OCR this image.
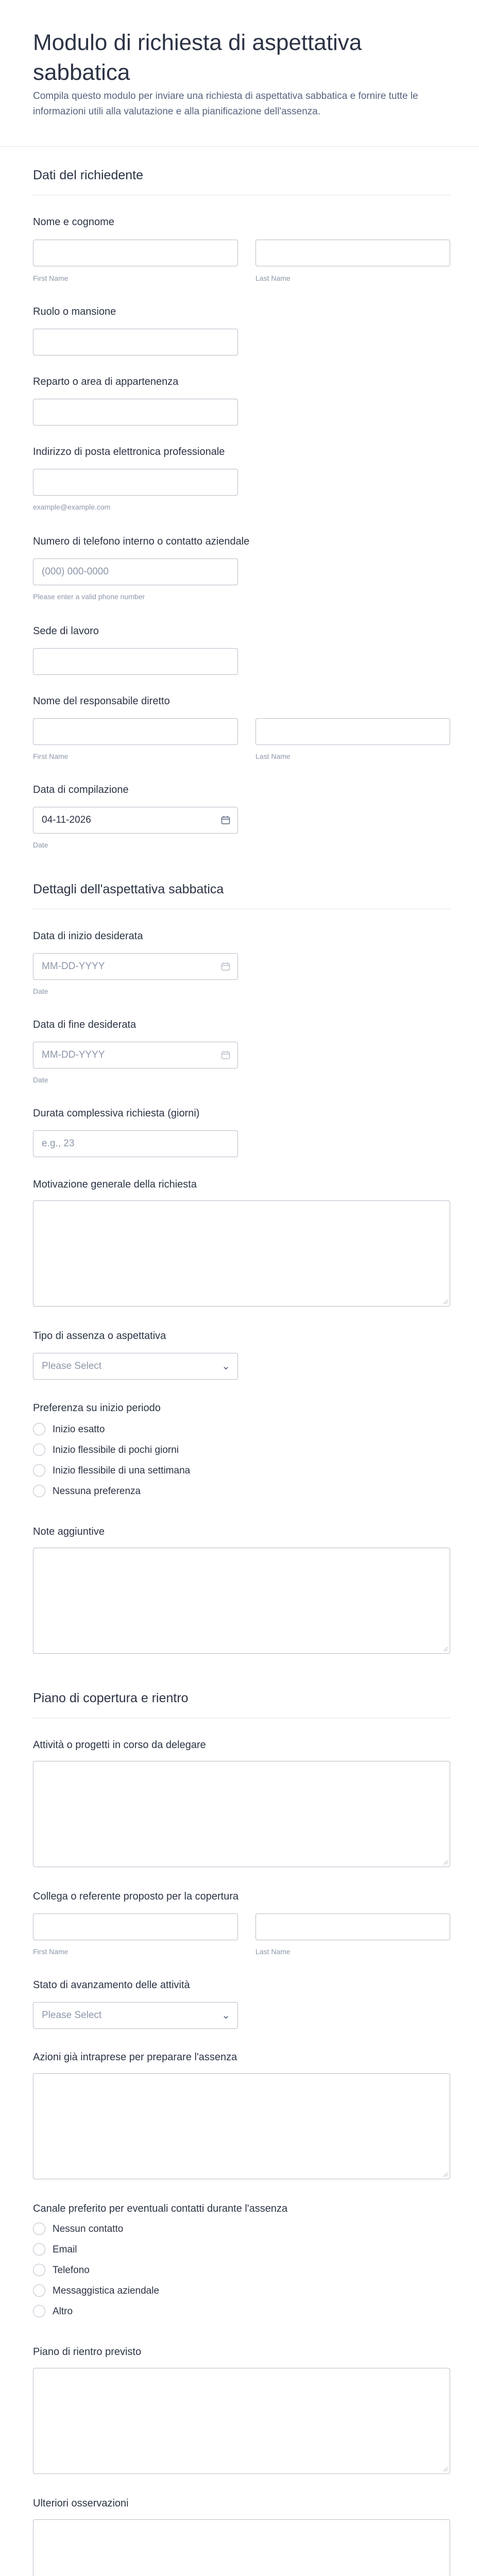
Modulo di richiesta di aspettativa sabbatica

Compila questo modulo per inviare una richiesta di aspettativa sabbatica e fornire tutte le informazioni utili alla valutazione e alla pianificazione dell'assenza.

Dati del richiedente
Nome e cognome
First Name	Last Name
Ruolo o mansione
Reparto o area di appartenenza
Indirizzo di posta elettronica professionale
example@example.com
Numero di telefono interno o contatto aziendale
(000) 000-0000
Please enter a valid phone number
Sede di lavoro
Nome del responsabile diretto
First Name	Last Name
Data di compilazione
04-11-2026
Date
Dettagli dell'aspettativa sabbatica
Data di inizio desiderata
MM-DD-YYYY
Date
Data di fine desiderata
MM-DD-YYYY
Date
Durata complessiva richiesta (giorni)
e.g., 23
Motivazione generale della richiesta
Tipo di assenza o aspettativa
Please Select	⌄
Preferenza su inizio periodo
Inizio esatto
Inizio flessibile di pochi giorni
Inizio flessibile di una settimana
Nessuna preferenza
Note aggiuntive
Piano di copertura e rientro
Attività o progetti in corso da delegare
Collega o referente proposto per la copertura
First Name	Last Name
Stato di avanzamento delle attività
Please Select	⌄
Azioni già intraprese per preparare l'assenza
Canale preferito per eventuali contatti durante l'assenza
Nessun contatto
Email
Telefono
Messaggistica aziendale
Altro
Piano di rientro previsto
Ulteriori osservazioni
